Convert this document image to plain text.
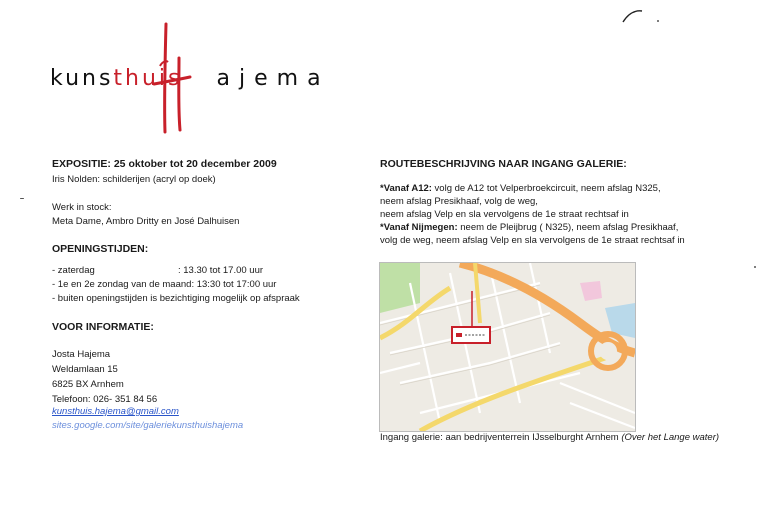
kunsthuis ajema
EXPOSITIE: 25 oktober tot 20 december 2009
Iris Nolden: schilderijen (acryl op doek)
Werk in stock:
Meta Dame, Ambro Dritty en José Dalhuisen
OPENINGSTIJDEN:
- zaterdag	: 13.30 tot 17.00 uur
- 1e en 2e zondag van de maand: 13:30 tot 17:00 uur
- buiten openingstijden is bezichtiging mogelijk op afspraak
VOOR INFORMATIE:
Josta Hajema
Weldamlaan 15
6825 BX Arnhem
Telefoon: 026- 351 84 56
kunsthuis.hajema@gmail.com
sites.google.com/site/galeriekunsthuishajema
ROUTEBESCHRIJVING NAAR INGANG GALERIE:
*Vanaf A12: volg de A12 tot Velperbroekcircuit, neem afslag N325,
neem afslag Presikhaaf, volg de weg,
neem afslag Velp en sla vervolgens de 1e straat rechtsaf in
*Vanaf Nijmegen: neem de Pleijbrug ( N325), neem afslag Presikhaaf,
volg de weg, neem afslag Velp en sla vervolgens de 1e straat rechtsaf in
Ingang galerie: aan bedrijventerrein IJsselburght Arnhem (Over het Lange water)
